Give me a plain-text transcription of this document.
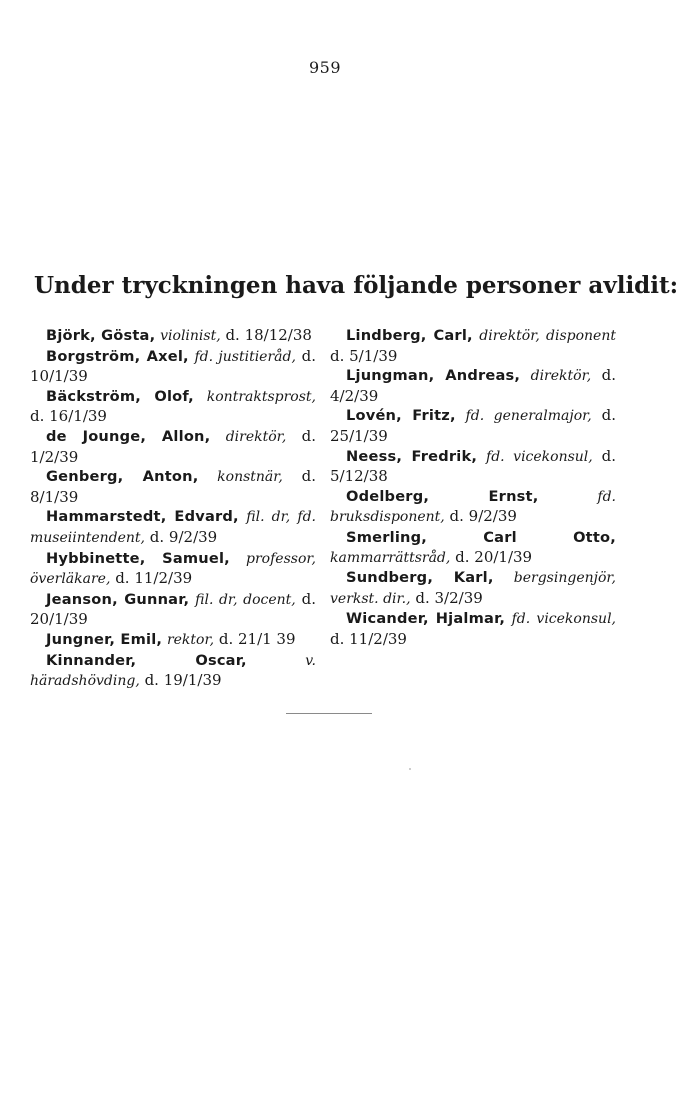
959
Under tryckningen hava följande personer avlidit:
Björk, Gösta, violinist, d. 18/12/38
Borgström, Axel, fd. justitieråd, d. 10/1/39
Bäckström, Olof, kontraktsprost, d. 16/1/39
de Jounge, Allon, direktör, d. 1/2/39
Genberg, Anton, konstnär, d. 8/1/39
Hammarstedt, Edvard, fil. dr, fd. museiintendent, d. 9/2/39
Hybbinette, Samuel, professor, överläkare, d. 11/2/39
Jeanson, Gunnar, fil. dr, docent, d. 20/1/39
Jungner, Emil, rektor, d. 21/1 39
Kinnander, Oscar,	v. häradshövding, d. 19/1/39
Lindberg, Carl, direktör, disponent d. 5/1/39
Ljungman, Andreas, direktör, d. 4/2/39
Lovén, Fritz, fd. generalmajor, d. 25/1/39
Neess, Fredrik, fd. vicekonsul, d. 5/12/38
Odelberg, Ernst,	fd. bruksdisponent, d. 9/2/39
Smerling, Carl Otto, kammarrättsråd, d. 20/1/39
Sundberg, Karl, bergsingenjör, verkst. dir., d. 3/2/39
Wicander, Hjalmar, fd. vicekonsul, d. 11/2/39
